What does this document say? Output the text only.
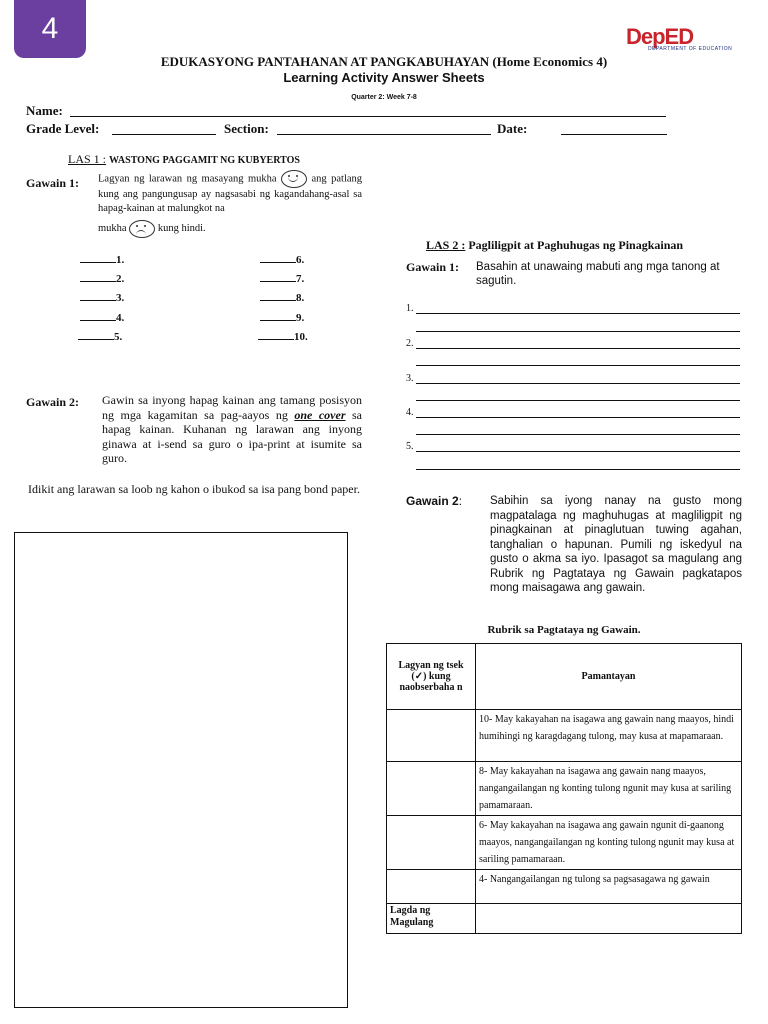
4	DepED
DEPARTMENT OF EDUCATION
EDUKASYONG PANTAHANAN AT PANGKABUHAYAN (Home Economics 4)
Learning Activity Answer Sheets
Quarter 2: Week 7-8
Name:
Grade Level:	Section:	Date:
LAS 1 : WASTONG PAGGAMIT NG KUBYERTOS
Gawain 1: Lagyan ng larawan ng masayang mukha	ang patlang kung ang pangungusap ay nagsasabi ng kagandahang-asal sa hapag-kainan at malungkot na
mukha	kung hindi.
1.
2.
3.
4.
5.
6.
7.
8.
9.
10.
Gawain 2: Gawin sa inyong hapag kainan ang tamang posisyon ng mga kagamitan sa pag-aayos ng one cover sa hapag kainan. Kuhanan ng larawan ang inyong ginawa at i-send sa guro o ipa-print at isumite sa guro.
Idikit ang larawan sa loob ng kahon o ibukod sa isa pang bond paper.
LAS 2 : Pagliligpit at Paghuhugas ng Pinagkainan
Gawain 1: Basahin at unawaing mabuti ang mga tanong at sagutin.
1.
2.
3.
4.
5.
Gawain 2: Sabihin sa iyong nanay na gusto mong magpatalaga ng maghuhugas at magliligpit ng pinagkainan at pinaglutuan tuwing agahan, tanghalian o hapunan. Pumili ng iskedyul na gusto o akma sa iyo. Ipasagot sa magulang ang Rubrik ng Pagtataya ng Gawain pagkatapos mong maisagawa ang gawain.
Rubrik sa Pagtataya ng Gawain.
Lagyan ng tsek (✓) kung naobserbaha n	Pamantayan
	10- May kakayahan na isagawa ang gawain nang maayos, hindi humihingi ng karagdagang tulong, may kusa at mapamaraan.
	8- May kakayahan na isagawa ang gawain nang maayos, nangangailangan ng konting tulong ngunit may kusa at sariling pamamaraan.
	6- May kakayahan na isagawa ang gawain ngunit di-gaanong maayos, nangangailangan ng konting tulong ngunit may kusa at sariling pamamaraan.
	4- Nangangailangan ng tulong sa pagsasagawa ng gawain
Lagda ng Magulang	
